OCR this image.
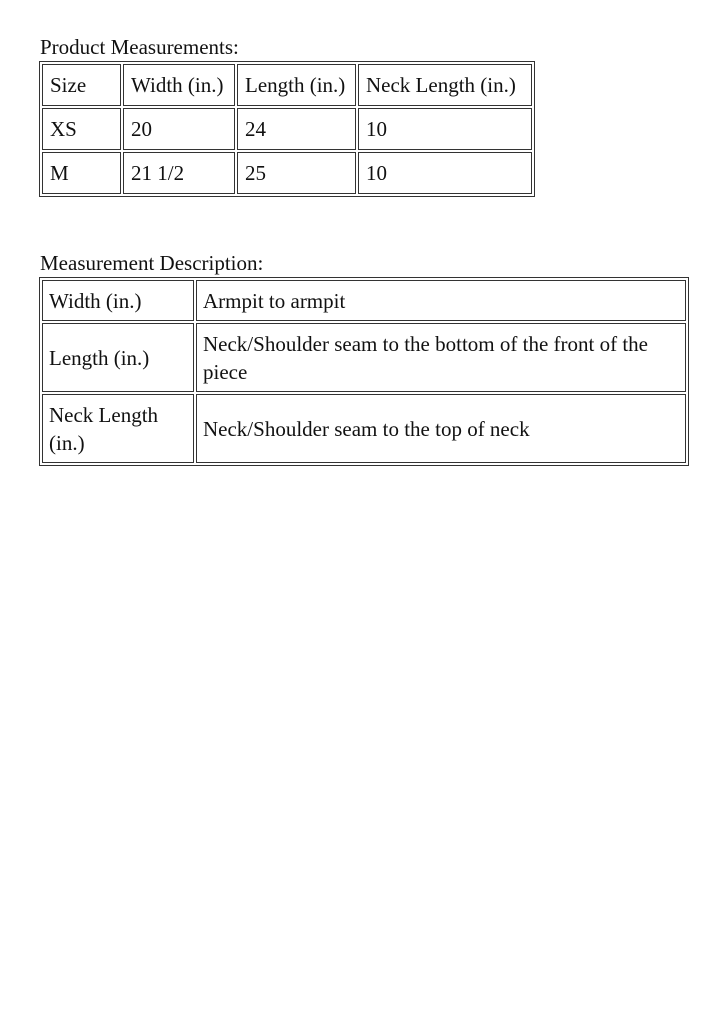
Product Measurements:
Size	Width (in.)	Length (in.)	Neck Length (in.)
XS	20	24	10
M	21 1/2	25	10
Measurement Description:
Width (in.)	Armpit to armpit
Length (in.)	Neck/Shoulder seam to the bottom of the front of the piece
Neck Length (in.)	Neck/Shoulder seam to the top of neck
